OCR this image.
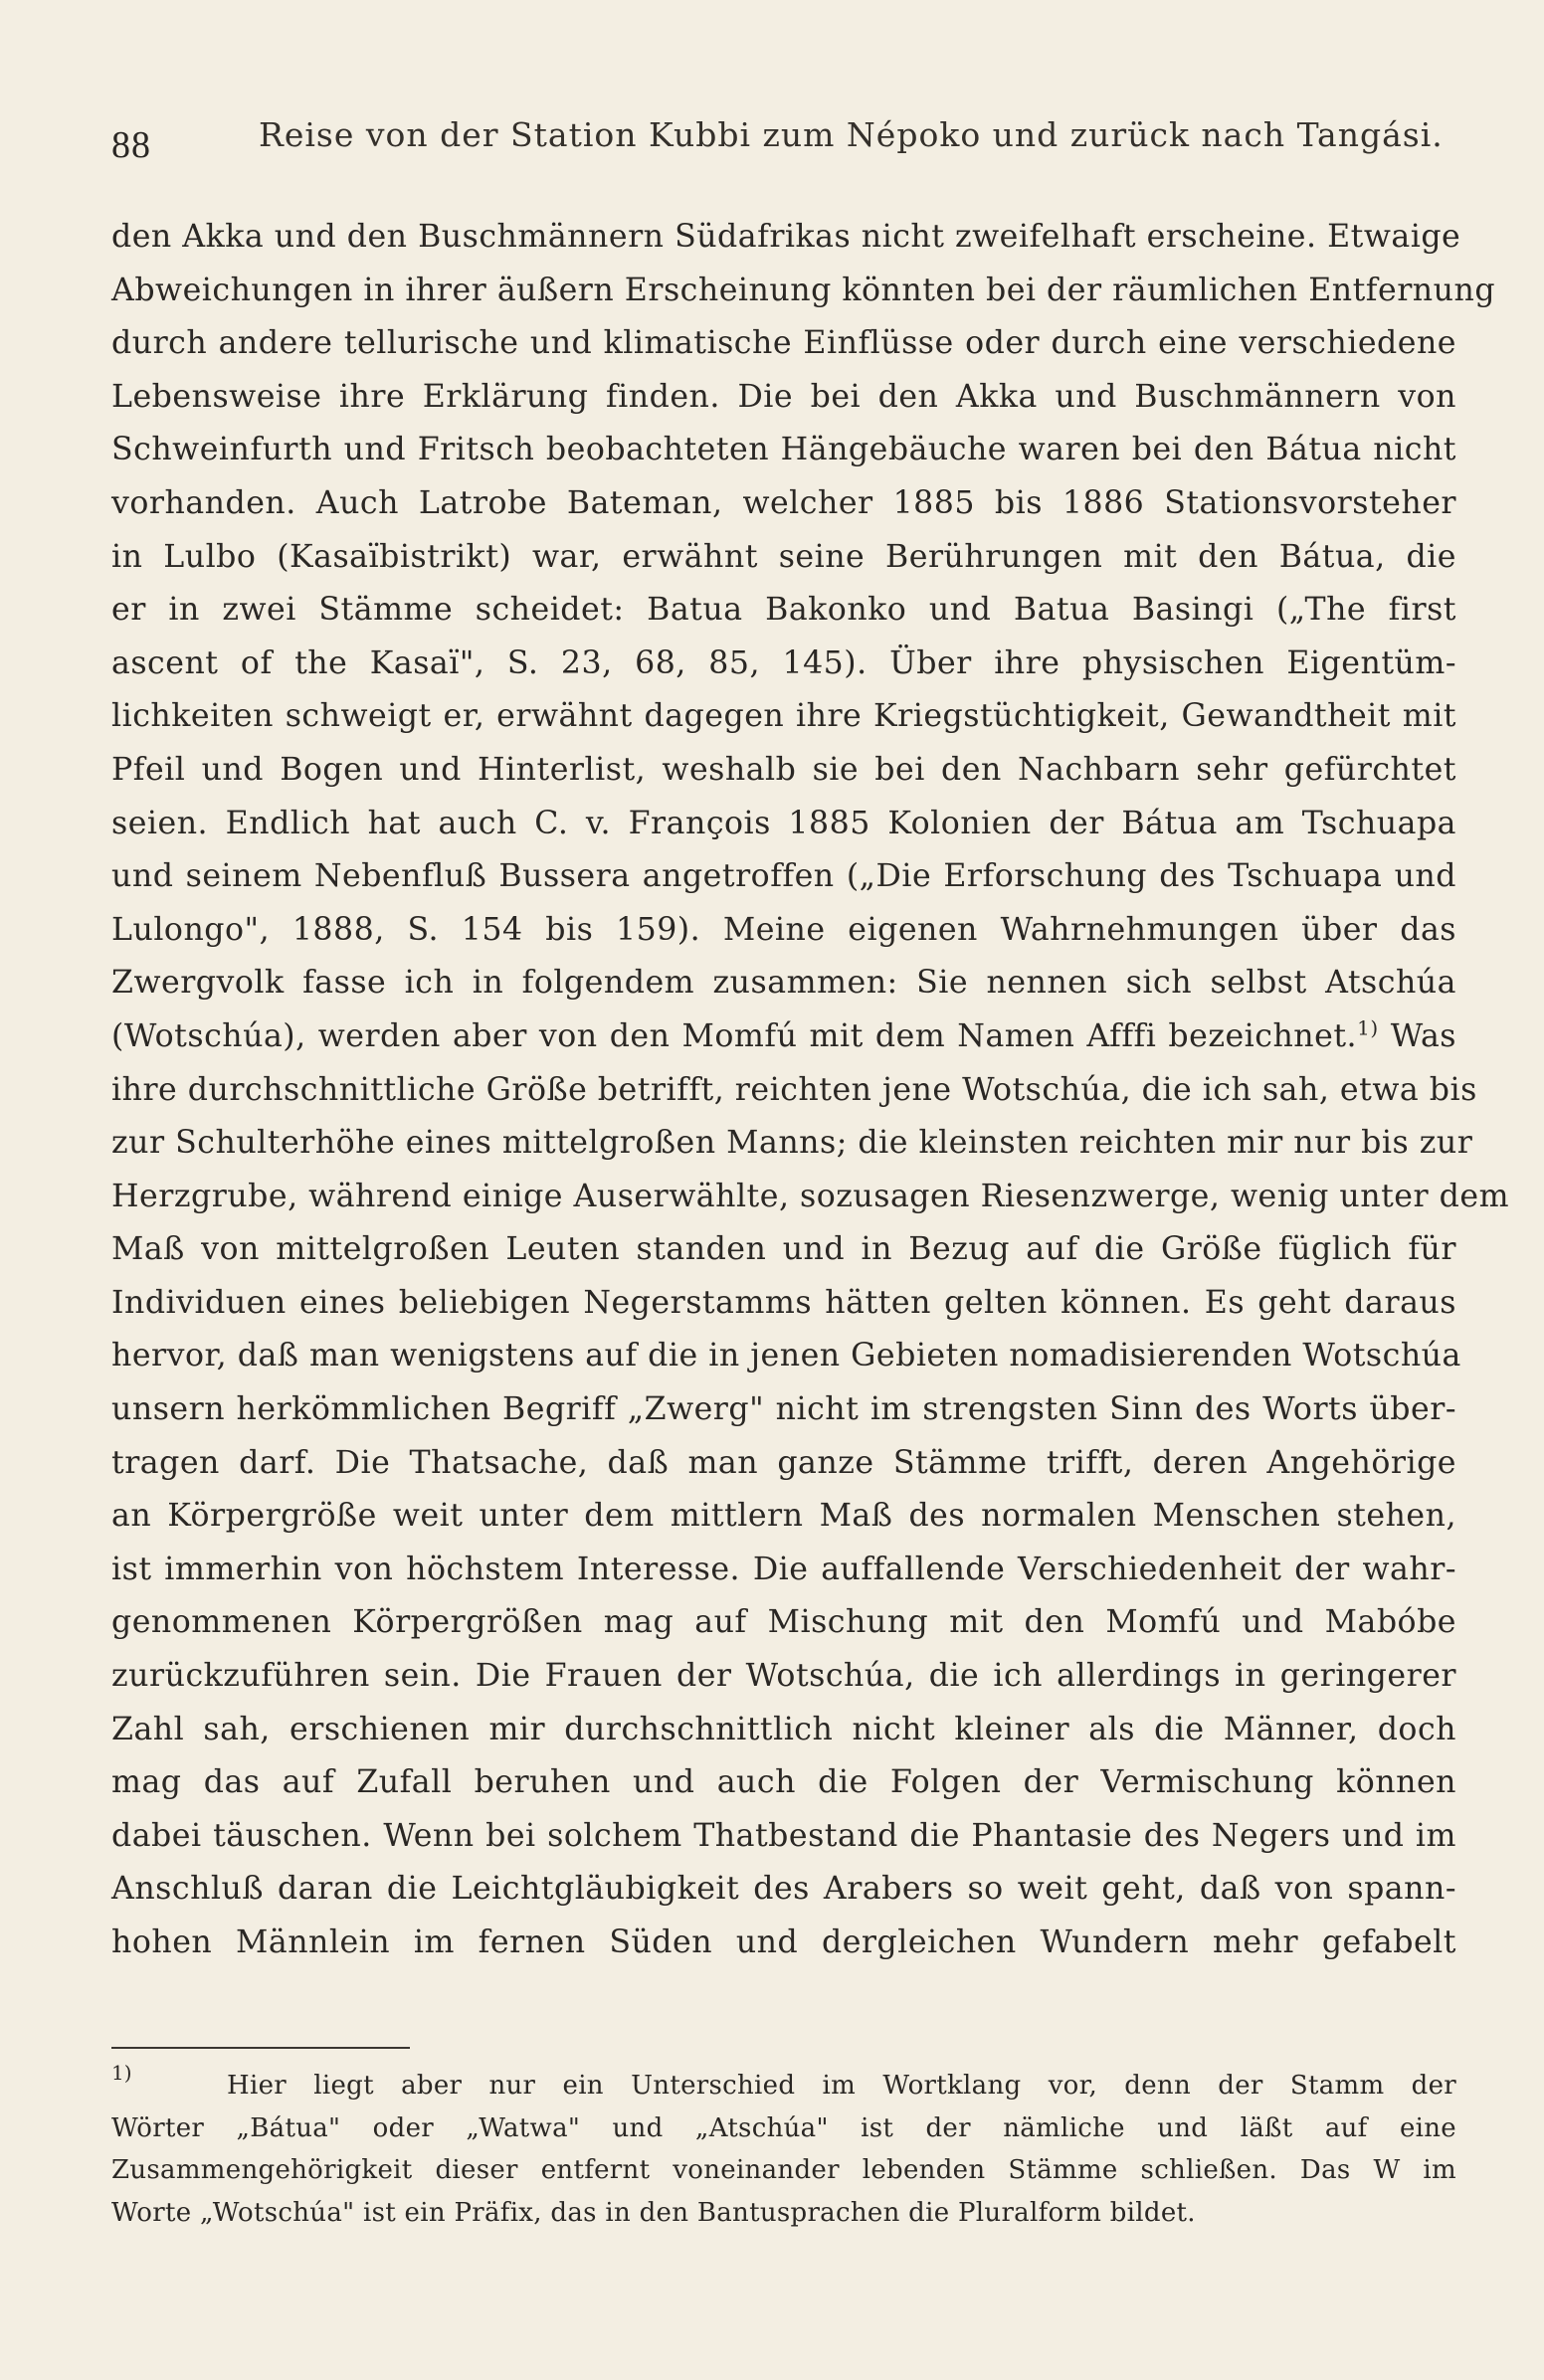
88	Reise von der Station Kubbi zum Népoko und zurück nach Tangási.
den Akka und den Buschmännern Südafrikas nicht zweifelhaft erscheine. Etwaige
Abweichungen in ihrer äußern Erscheinung könnten bei der räumlichen Entfernung
durch andere tellurische und klimatische Einflüsse oder durch eine verschiedene
Lebensweise ihre Erklärung finden. Die bei den Akka und Buschmännern von
Schweinfurth und Fritsch beobachteten Hängebäuche waren bei den Bátua nicht
vorhanden. Auch Latrobe Bateman, welcher 1885 bis 1886 Stationsvorsteher
in Lulbo (Kasaïbistrikt) war, erwähnt seine Berührungen mit den Bátua, die
er in zwei Stämme scheidet: Batua Bakonko und Batua Basingi („The first
ascent of the Kasaï", S. 23, 68, 85, 145). Über ihre physischen Eigentüm-
lichkeiten schweigt er, erwähnt dagegen ihre Kriegstüchtigkeit, Gewandtheit mit
Pfeil und Bogen und Hinterlist, weshalb sie bei den Nachbarn sehr gefürchtet
seien. Endlich hat auch C. v. François 1885 Kolonien der Bátua am Tschuapa
und seinem Nebenfluß Bussera angetroffen („Die Erforschung des Tschuapa und
Lulongo", 1888, S. 154 bis 159). Meine eigenen Wahrnehmungen über das
Zwergvolk fasse ich in folgendem zusammen: Sie nennen sich selbst Atschúa
(Wotschúa), werden aber von den Momfú mit dem Namen Afffi bezeichnet.$^{1)}$ Was
ihre durchschnittliche Größe betrifft, reichten jene Wotschúa, die ich sah, etwa bis
zur Schulterhöhe eines mittelgroßen Manns; die kleinsten reichten mir nur bis zur
Herzgrube, während einige Auserwählte, sozusagen Riesenzwerge, wenig unter dem
Maß von mittelgroßen Leuten standen und in Bezug auf die Größe füglich für
Individuen eines beliebigen Negerstamms hätten gelten können. Es geht daraus
hervor, daß man wenigstens auf die in jenen Gebieten nomadisierenden Wotschúa
unsern herkömmlichen Begriff „Zwerg" nicht im strengsten Sinn des Worts über-
tragen darf. Die Thatsache, daß man ganze Stämme trifft, deren Angehörige
an Körpergröße weit unter dem mittlern Maß des normalen Menschen stehen,
ist immerhin von höchstem Interesse. Die auffallende Verschiedenheit der wahr-
genommenen Körpergrößen mag auf Mischung mit den Momfú und Mabóbe
zurückzuführen sein. Die Frauen der Wotschúa, die ich allerdings in geringerer
Zahl sah, erschienen mir durchschnittlich nicht kleiner als die Männer, doch
mag das auf Zufall beruhen und auch die Folgen der Vermischung können
dabei täuschen. Wenn bei solchem Thatbestand die Phantasie des Negers und im
Anschluß daran die Leichtgläubigkeit des Arabers so weit geht, daß von spann-
hohen Männlein im fernen Süden und dergleichen Wundern mehr gefabelt
1)	Hier liegt aber nur ein Unterschied im Wortklang vor, denn der Stamm der
Wörter „Bátua" oder „Watwa" und „Atschúa" ist der nämliche und läßt auf eine
Zusammengehörigkeit dieser entfernt voneinander lebenden Stämme schließen. Das W im
Worte „Wotschúa" ist ein Präfix, das in den Bantusprachen die Pluralform bildet.
